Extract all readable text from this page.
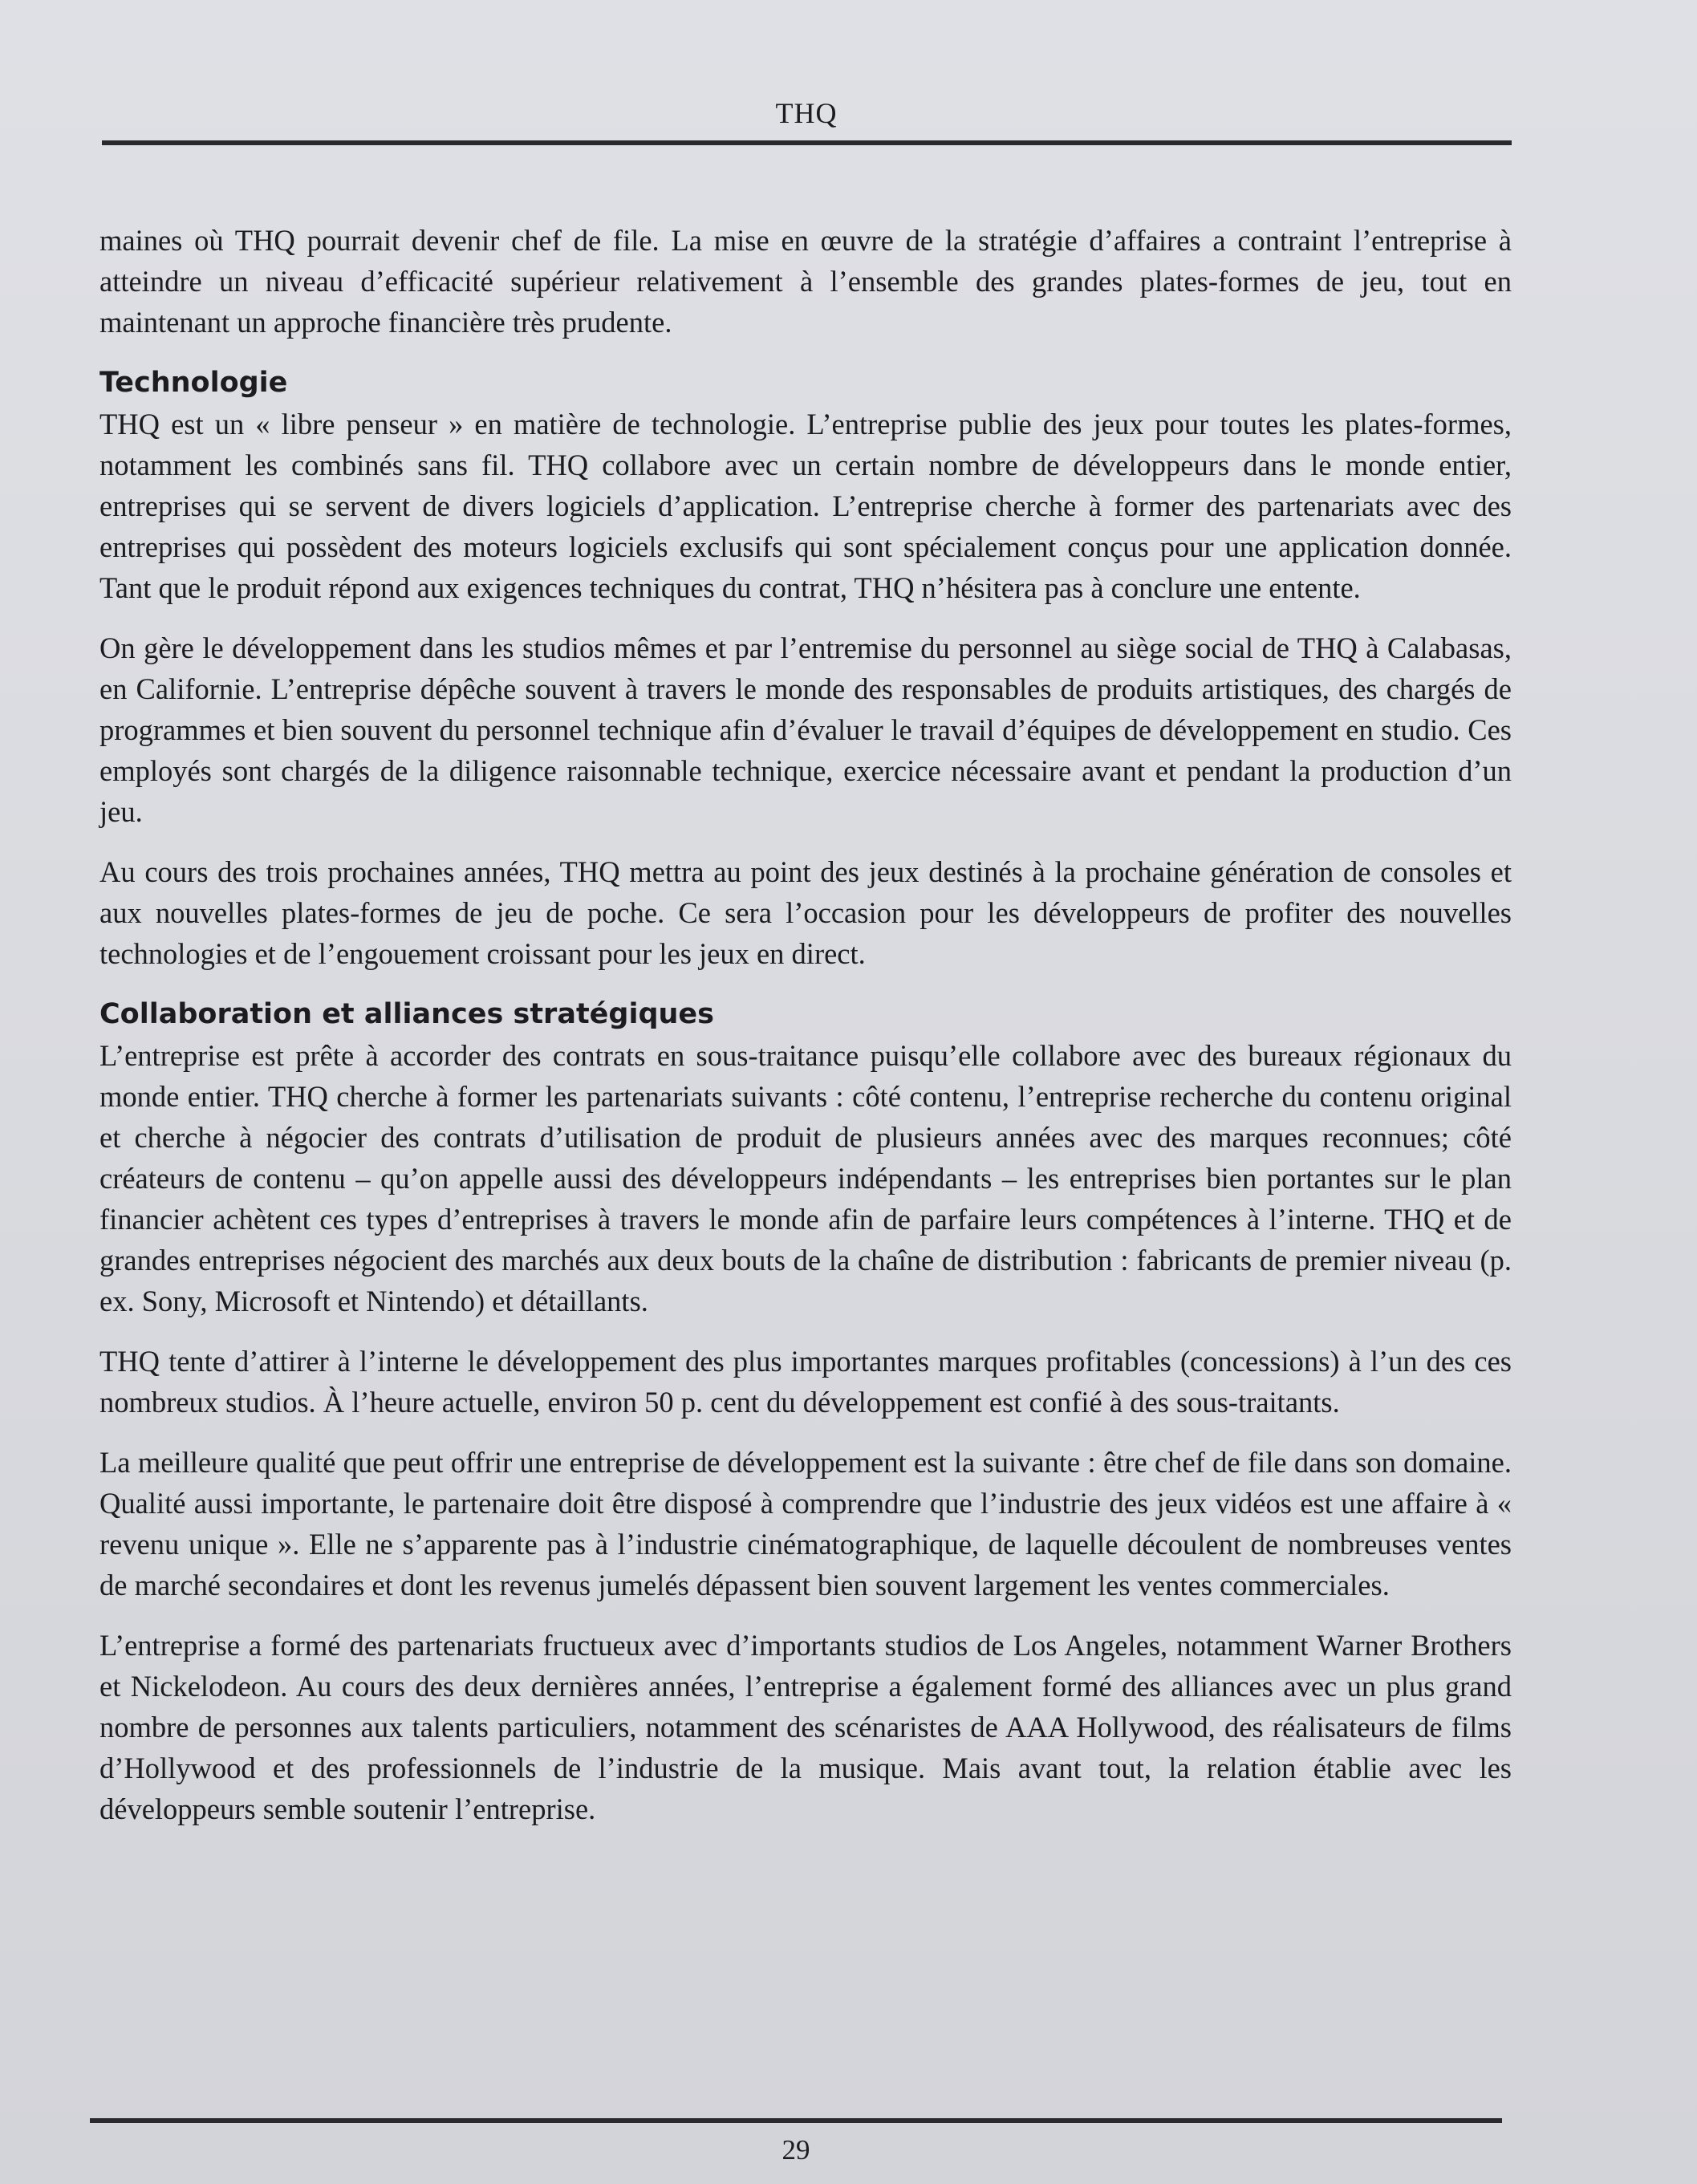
THQ

maines où THQ pourrait devenir chef de file. La mise en œuvre de la stratégie d’affaires a contraint l’entreprise à atteindre un niveau d’efficacité supérieur relativement à l’ensemble des grandes plates-formes de jeu, tout en maintenant un approche financière très prudente.

Technologie

THQ est un « libre penseur » en matière de technologie. L’entreprise publie des jeux pour toutes les plates-formes, notamment les combinés sans fil. THQ collabore avec un certain nombre de développeurs dans le monde entier, entreprises qui se servent de divers logiciels d’application. L’entreprise cherche à former des partenariats avec des entreprises qui possèdent des moteurs logiciels exclusifs qui sont spécialement conçus pour une application donnée. Tant que le produit répond aux exigences techniques du contrat, THQ n’hésitera pas à conclure une entente.

On gère le développement dans les studios mêmes et par l’entremise du personnel au siège social de THQ à Calabasas, en Californie. L’entreprise dépêche souvent à travers le monde des responsables de produits artistiques, des chargés de programmes et bien souvent du personnel technique afin d’évaluer le travail d’équipes de développement en studio. Ces employés sont chargés de la diligence raisonnable technique, exercice nécessaire avant et pendant la production d’un jeu.

Au cours des trois prochaines années, THQ mettra au point des jeux destinés à la prochaine génération de consoles et aux nouvelles plates-formes de jeu de poche. Ce sera l’occasion pour les développeurs de profiter des nouvelles technologies et de l’engouement croissant pour les jeux en direct.

Collaboration et alliances stratégiques

L’entreprise est prête à accorder des contrats en sous-traitance puisqu’elle collabore avec des bureaux régionaux du monde entier. THQ cherche à former les partenariats suivants : côté contenu, l’entreprise recherche du contenu original et cherche à négocier des contrats d’utilisation de produit de plusieurs années avec des marques reconnues; côté créateurs de contenu – qu’on appelle aussi des développeurs indépendants – les entreprises bien portantes sur le plan financier achètent ces types d’entreprises à travers le monde afin de parfaire leurs compétences à l’interne. THQ et de grandes entreprises négocient des marchés aux deux bouts de la chaîne de distribution : fabricants de premier niveau (p. ex. Sony, Microsoft et Nintendo) et détaillants.

THQ tente d’attirer à l’interne le développement des plus importantes marques profitables (concessions) à l’un des ces nombreux studios. À l’heure actuelle, environ 50 p. cent du développement est confié à des sous-traitants.

La meilleure qualité que peut offrir une entreprise de développement est la suivante : être chef de file dans son domaine. Qualité aussi importante, le partenaire doit être disposé à comprendre que l’industrie des jeux vidéos est une affaire à « revenu unique ». Elle ne s’apparente pas à l’industrie cinématographique, de laquelle découlent de nombreuses ventes de marché secondaires et dont les revenus jumelés dépassent bien souvent largement les ventes commerciales.

L’entreprise a formé des partenariats fructueux avec d’importants studios de Los Angeles, notamment Warner Brothers et Nickelodeon. Au cours des deux dernières années, l’entreprise a également formé des alliances avec un plus grand nombre de personnes aux talents particuliers, notamment des scénaristes de AAA Hollywood, des réalisateurs de films d’Hollywood et des professionnels de l’industrie de la musique. Mais avant tout, la relation établie avec les développeurs semble soutenir l’entreprise.

29
